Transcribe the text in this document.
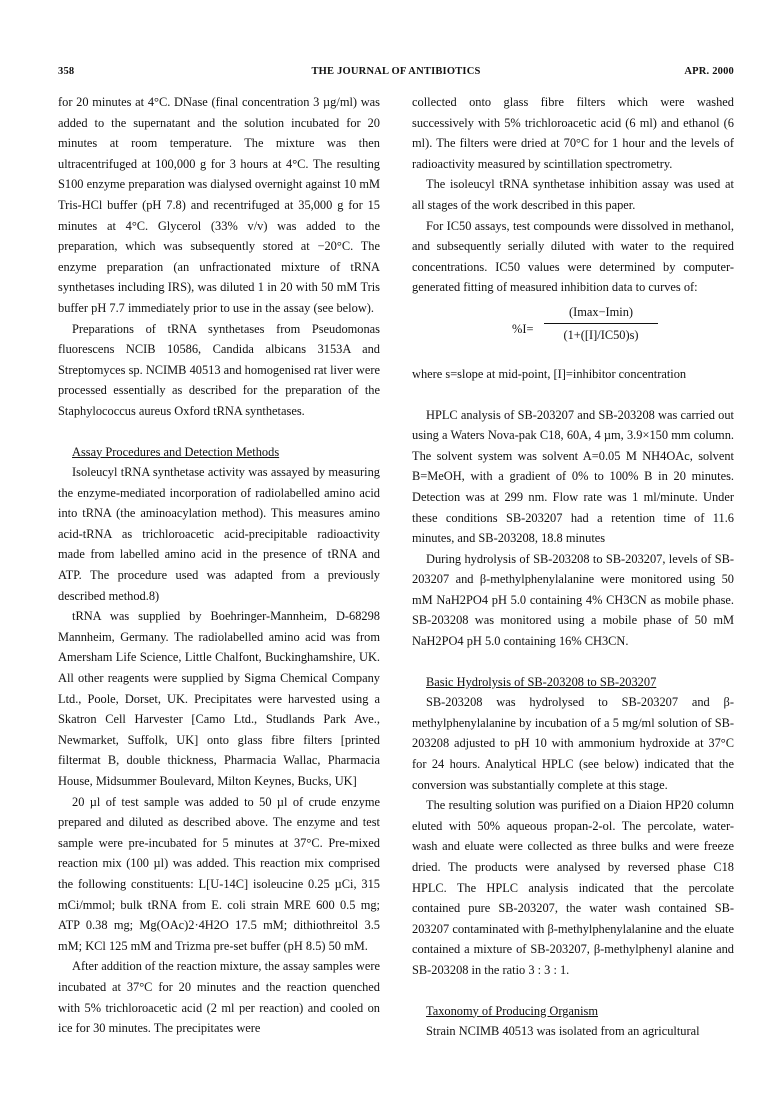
358	THE JOURNAL OF ANTIBIOTICS	APR. 2000

for 20 minutes at 4°C. DNase (final concentration 3 µg/ml) was added to the supernatant and the solution incubated for 20 minutes at room temperature. The mixture was then ultracentrifuged at 100,000 g for 3 hours at 4°C. The resulting S100 enzyme preparation was dialysed overnight against 10 mM Tris-HCl buffer (pH 7.8) and recentrifuged at 35,000 g for 15 minutes at 4°C. Glycerol (33% v/v) was added to the preparation, which was subsequently stored at −20°C. The enzyme preparation (an unfractionated mixture of tRNA synthetases including IRS), was diluted 1 in 20 with 50 mM Tris buffer pH 7.7 immediately prior to use in the assay (see below).

Preparations of tRNA synthetases from Pseudomonas fluorescens NCIB 10586, Candida albicans 3153A and Streptomyces sp. NCIMB 40513 and homogenised rat liver were processed essentially as described for the preparation of the Staphylococcus aureus Oxford tRNA synthetases.

Assay Procedures and Detection Methods

Isoleucyl tRNA synthetase activity was assayed by measuring the enzyme-mediated incorporation of radiolabelled amino acid into tRNA (the aminoacylation method). This measures amino acid-tRNA as trichloroacetic acid-precipitable radioactivity made from labelled amino acid in the presence of tRNA and ATP. The procedure used was adapted from a previously described method.8)

tRNA was supplied by Boehringer-Mannheim, D-68298 Mannheim, Germany. The radiolabelled amino acid was from Amersham Life Science, Little Chalfont, Buckinghamshire, UK. All other reagents were supplied by Sigma Chemical Company Ltd., Poole, Dorset, UK. Precipitates were harvested using a Skatron Cell Harvester [Camo Ltd., Studlands Park Ave., Newmarket, Suffolk, UK] onto glass fibre filters [printed filtermat B, double thickness, Pharmacia Wallac, Pharmacia House, Midsummer Boulevard, Milton Keynes, Bucks, UK]

20 µl of test sample was added to 50 µl of crude enzyme prepared and diluted as described above. The enzyme and test sample were pre-incubated for 5 minutes at 37°C. Pre-mixed reaction mix (100 µl) was added. This reaction mix comprised the following constituents: L[U-14C] isoleucine 0.25 µCi, 315 mCi/mmol; bulk tRNA from E. coli strain MRE 600 0.5 mg; ATP 0.38 mg; Mg(OAc)2·4H2O 17.5 mM; dithiothreitol 3.5 mM; KCl 125 mM and Trizma pre-set buffer (pH 8.5) 50 mM.

After addition of the reaction mixture, the assay samples were incubated at 37°C for 20 minutes and the reaction quenched with 5% trichloroacetic acid (2 ml per reaction) and cooled on ice for 30 minutes. The precipitates were

collected onto glass fibre filters which were washed successively with 5% trichloroacetic acid (6 ml) and ethanol (6 ml). The filters were dried at 70°C for 1 hour and the levels of radioactivity measured by scintillation spectrometry.

The isoleucyl tRNA synthetase inhibition assay was used at all stages of the work described in this paper.

For IC50 assays, test compounds were dissolved in methanol, and subsequently serially diluted with water to the required concentrations. IC50 values were determined by computer-generated fitting of measured inhibition data to curves of:

%I=
(Imax−Imin)
(1+([I]/IC50)s)

where s=slope at mid-point, [I]=inhibitor concentration

HPLC analysis of SB-203207 and SB-203208 was carried out using a Waters Nova-pak C18, 60A, 4 µm, 3.9×150 mm column. The solvent system was solvent A=0.05 M NH4OAc, solvent B=MeOH, with a gradient of 0% to 100% B in 20 minutes. Detection was at 299 nm. Flow rate was 1 ml/minute. Under these conditions SB-203207 had a retention time of 11.6 minutes, and SB-203208, 18.8 minutes

During hydrolysis of SB-203208 to SB-203207, levels of SB-203207 and β-methylphenylalanine were monitored using 50 mM NaH2PO4 pH 5.0 containing 4% CH3CN as mobile phase. SB-203208 was monitored using a mobile phase of 50 mM NaH2PO4 pH 5.0 containing 16% CH3CN.

Basic Hydrolysis of SB-203208 to SB-203207

SB-203208 was hydrolysed to SB-203207 and β-methylphenylalanine by incubation of a 5 mg/ml solution of SB-203208 adjusted to pH 10 with ammonium hydroxide at 37°C for 24 hours. Analytical HPLC (see below) indicated that the conversion was substantially complete at this stage.

The resulting solution was purified on a Diaion HP20 column eluted with 50% aqueous propan-2-ol. The percolate, water-wash and eluate were collected as three bulks and were freeze dried. The products were analysed by reversed phase C18 HPLC. The HPLC analysis indicated that the percolate contained pure SB-203207, the water wash contained SB-203207 contaminated with β-methylphenylalanine and the eluate contained a mixture of SB-203207, β-methylphenyl alanine and SB-203208 in the ratio 3 : 3 : 1.

Taxonomy of Producing Organism

Strain NCIMB 40513 was isolated from an agricultural
